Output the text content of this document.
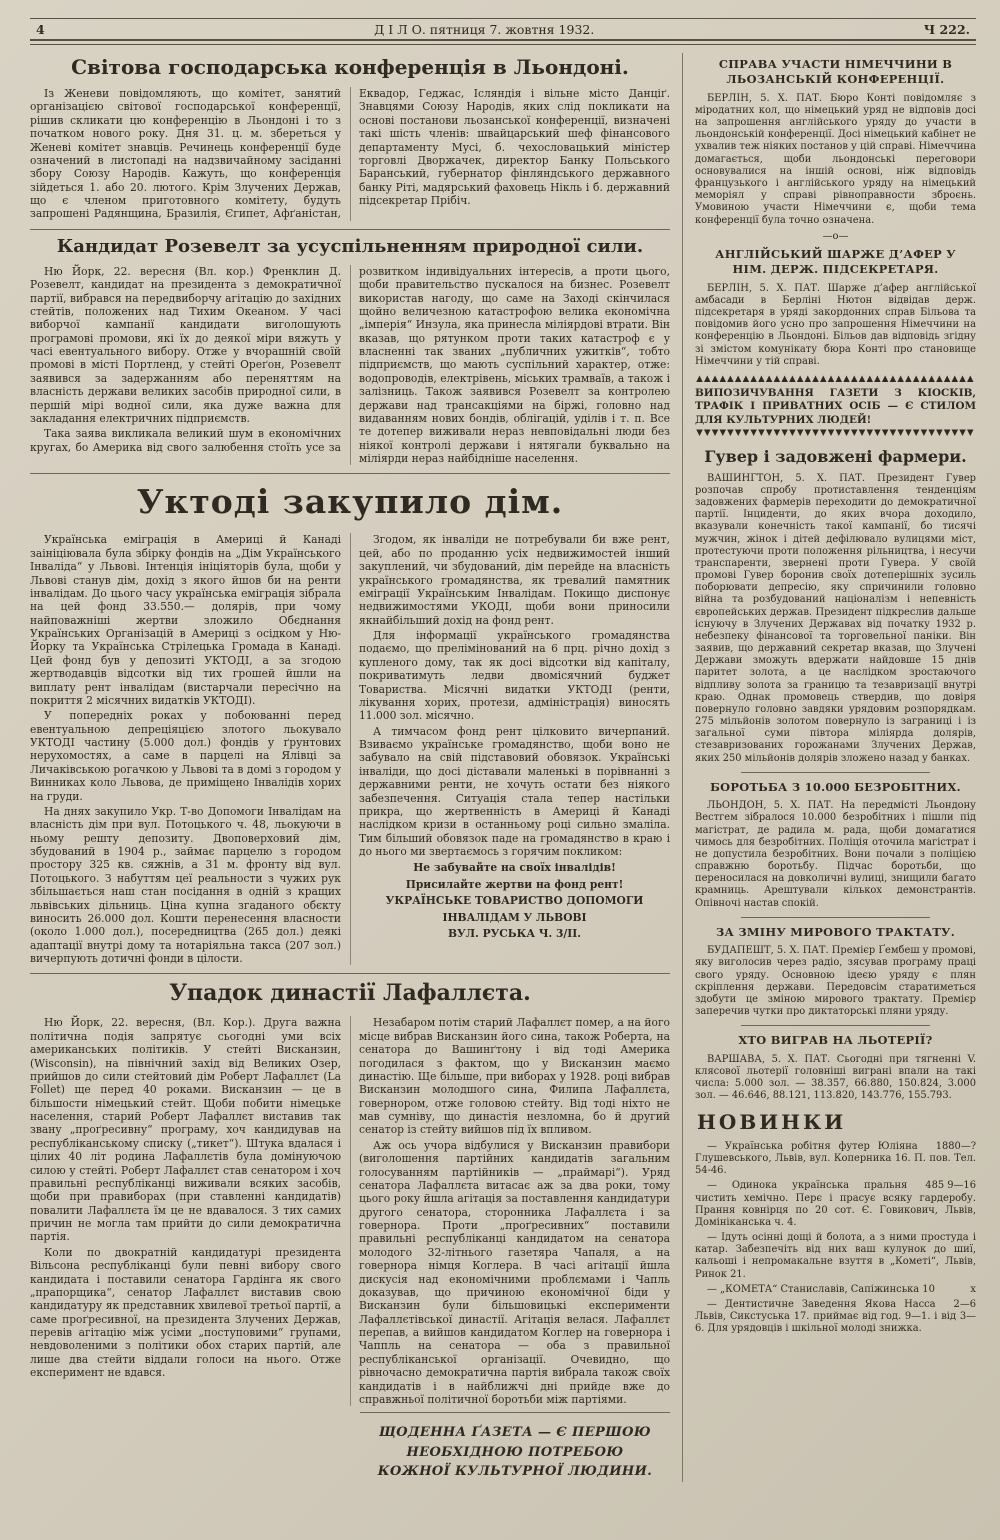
4	Д І Л О. пятниця 7. жовтня 1932.	Ч 222.
Світова господарська конференція в Льондоні.

Із Женеви повідомляють, що комітет, занятий організацією світової господарської конференції, рішив скликати цю конференцію в Льондоні і то з початком нового року. Дня 31. ц. м. збереться у Женеві комітет знавців. Речинець конференції буде означений в листопаді на надзвичайному засіданні збору Союзу Народів. Кажуть, що конференція зійдеться 1. або 20. лютого. Крім Злучених Держав, що є членом приготовного комітету, будуть запрошені Радянщина, Бразилія, Єгипет, Афґаністан, Еквадор, Геджас, Ісляндія і вільне місто Данціґ. Знавцями Союзу Народів, яких слід покликати на основі постанови льозанської конференції, визначені такі шість членів: швайцарський шеф фінансового департаменту Мусі, б. чехословацький міністер торговлі Дворжачек, директор Банку Польського Баранський, губернатор фінляндського державного банку Ріті, мадярський фаховець Нікль і б. державний підсекретар Прібіч.

Кандидат Розевелт за усуспільненням природної сили.

Ню Йорк, 22. вересня (Вл. кор.) Френклин Д. Розевелт, кандидат на президента з демократичної партії, вибрався на передвиборчу агітацію до західних стейтів, положених над Тихим Океаном. У часі виборчої кампанії кандидати виголошують програмові промови, які їх до деякої міри вяжуть у часі евентуального вибору. Отже у вчорашній своїй промові в місті Портленд, у стейті Ореґон, Розевелт заявився за задержанням або переняттям на власність держави великих засобів природної сили, в першій мірі водної сили, яка дуже важна для закладання електричних підприємств.

Така заява викликала великий шум в економічних кругах, бо Америка від свого залюбення стоїть усе за розвитком індивідуальних інтересів, а проти цього, щоби правительство пускалося на бизнес. Розевелт використав нагоду, що саме на Заході скінчилася щойно величезною катастрофою велика економічна „імперія“ Инзула, яка принесла міліярдові втрати. Він вказав, що рятунком проти таких катастроф є у власненні так званих „публичних ужитків“, тобто підприємств, що мають суспільний характер, отже: водопроводів, електрівень, міських трамваїв, а також і залізниць. Також заявився Розевелт за контролею держави над трансакціями на біржі, головно над видаванням нових бондів, облігацій, уділів і т. п. Все те дотепер виживали нераз невповідальні люди без ніякої контролі держави і нятягали буквально на міліярди нераз найбідніше населення.

Уктоді закупило дім.

Українська еміграція в Америці й Канаді заініціювала була збірку фондів на „Дім Українського Інваліда“ у Львові. Інтенція ініціяторів була, щоби у Львові станув дім, дохід з якого йшов би на ренти інвалідам. До цього часу українська еміграція зібрала на цей фонд 33.550.— долярів, при чому найповажніші жертви зложило Обєднання Українських Організацій в Америці з осідком у Ню-Йорку та Українська Стрілецька Громада в Канаді. Цей фонд був у депозиті УКТОДІ, а за згодою жертводавців відсотки від тих грошей йшли на виплату рент інвалідам (вистарчали пересічно на покриття 2 місячних видатків УКТОДІ).

У попередніх роках у побоюванні перед евентуальною депреціяцією злотого льокувало УКТОДІ частину (5.000 дол.) фондів у ґрунтових нерухомостях, а саме в парцелі на Ялівці за Личаківською рогачкою у Львові та в домі з городом у Винниках коло Львова, де приміщено Інвалідів хорих на груди.

На днях закупило Укр. Т-во Допомоги Інвалідам на власність дім при вул. Потоцького ч. 48, льокуючи в ньому решту депозиту. Двоповерховий дім, збудований в 1904 р., займає парцелю з городом простору 325 кв. сяжнів, а 31 м. фронту від вул. Потоцького. З набуттям цеї реальности з чужих рук збільшається наш стан посідання в одній з кращих львівських дільниць. Ціна купна згаданого обєкту виносить 26.000 дол. Кошти перенесення власности (около 1.000 дол.), посередництва (265 дол.) деякі адаптації внутрі дому та нотаріяльна такса (207 зол.) вичерпують дотичні фонди в цілости.

Згодом, як інваліди не потребували би вже рент, цей, або по проданню усіх недвижимостей інший закуплений, чи збудований, дім перейде на власність українського громадянства, як тревалий памятник еміграції Українським Інвалідам. Покищо диспонує недвижимостями УКОДІ, щоби вони приносили якнайбільший дохід на фонд рент.

Для інформації українського громадянства подаємо, що прелімінований на 6 прц. річно дохід з купленого дому, так як досі відсотки від капіталу, покриватимуть ледви двомісячний буджет Товариства. Місячні видатки УКТОДІ (ренти, лікування хорих, протези, адміністрація) виносять 11.000 зол. місячно.

А тимчасом фонд рент цілковито вичерпаний. Взиваємо українське громадянство, щоби воно не забувало на свій підставовий обовязок. Українські інваліди, що досі діставали маленькі в порівнанні з державними ренти, не хочуть остати без ніякого забезпечення. Ситуація стала тепер настільки прикра, що жертвенність в Америці й Канаді наслідком кризи в останньому році сильно змаліла. Тим більший обовязок паде на громадянство в краю і до нього ми звертаємось з горячим покликом:

Не забувайте на своїх інвалідів!

Присилайте жертви на фонд рент!

УКРАЇНСЬКЕ ТОВАРИСТВО ДОПОМОГИ

ІНВАЛІДАМ У ЛЬВОВІ

ВУЛ. РУСЬКА Ч. 3/ІІ.

Упадок династії Лафаллєта.

Ню Йорк, 22. вересня, (Вл. Кор.). Друга важна політична подія запрятує сьогодні уми всіх американських політиків. У стейті Висканзин, (Wisconsin), на північний захід від Великих Озер, прийшов до сили стейтовий дім Роберт Лафаллєт (La Follet) ще перед 40 роками. Висканзин — це в більшости німецький стейт. Щоби побити німецьке населення, старий Роберт Лафаллєт виставив так звану „проґресивну“ програму, хоч кандидував на республіканському списку („тикет“). Штука вдалася і цілих 40 літ родина Лафаллєтів була домінуючою силою у стейті. Роберт Лафаллєт став сенатором і хоч правильні республіканці виживали всяких засобів, щоби при правиборах (при ставленні кандидатів) повалити Лафаллєта їм це не вдавалося. З тих самих причин не могла там прийти до сили демократична партія.

Коли по двократній кандидатурі президента Вільсона республіканці були певні вибору свого кандидата і поставили сенатора Гардінга як свого „прапорщика“, сенатор Лафаллєт виставив свою кандидатуру як представник хвилевої третьої партії, а саме проґресивної, на президента Злучених Держав, перевів агітацію між усіми „поступовими“ групами, невдоволеними з політики обох старих партій, але лише два стейти віддали голоси на нього. Отже експеримент не вдався.

Незабаром потім старий Лафаллєт помер, а на його місце вибрав Висканзин його сина, також Роберта, на сенатора до Вашинґтону і від тоді Америка погодилася з фактом, що у Висканзин маємо династію. Ще більше, при виборах у 1928. році вибрав Висканзин молодшого сина, Филипа Лафаллєта, говернором, отже головою стейту. Від тоді ніхто не мав сумніву, що династія незломна, бо й другий сенатор із стейту вийшов під їх впливом.

Аж ось учора відбулися у Висканзин правибори (виголошення партійних кандидатів загальним голосуванням партійників — „праймарі“). Уряд сенатора Лафаллєта витасає аж за два роки, тому цього року йшла агітація за поставлення кандидатури другого сенатора, сторонника Лафаллєта і за говернора. Проти „проґресивних“ поставили правильні республіканці кандидатом на сенатора молодого 32-літнього газетяра Чапаля, а на говернора німця Коглера. В часі агітації йшла дискусія над економічними проблємами і Чапль доказував, що причиною економічної біди у Висканзин були більшовицькі експерименти Лафаллєтівської династії. Агітація велася. Лафаллєт перепав, а вийшов кандидатом Коглер на говернора і Чаппль на сенатора — оба з правильної республіканської організації. Очевидно, що рівночасно демократична партія вибрала також своїх кандидатів і в найближчі дні прийде вже до справжньої політичної боротьби між партіями.

ЩОДЕННА ҐАЗЕТА — Є ПЕРШОЮ НЕОБХІДНОЮ ПОТРЕБОЮ КОЖНОЇ КУЛЬТУРНОЇ ЛЮДИНИ.

СПРАВА УЧАСТИ НІМЕЧЧИНИ В ЛЬОЗАНСЬКІЙ КОНФЕРЕНЦІЇ.

БЕРЛІН, 5. X. ПАТ. Бюро Конті повідомляє з міродатних кол, що німецький уряд не відповів досі на запрошення англійського уряду до участи в льондонській конференції. Досі німецький кабінет не ухвалив теж ніяких постанов у цій справі. Німеччина домагається, щоби льондонські переговори основувалися на іншій основі, ніж відповідь французького і англійського уряду на німецький меморіял у справі рівноправности зброєнь. Умовиною участи Німеччини є, щоби тема конференції була точно означена.

—о—
АНГЛІЙСЬКИЙ ШАРЖЕ Д’АФЕР У НІМ. ДЕРЖ. ПІДСЕКРЕТАРЯ.

БЕРЛІН, 5. X. ПАТ. Шарже д’афер англійської амбасади в Берліні Нютон відвідав держ. підсекретаря в уряді закордонних справ Більова та повідомив його усно про запрошення Німеччини на конференцію в Льондоні. Більов дав відповідь згідну зі змістом комунікату бюра Конті про становище Німеччини у тій справі.

▲▲▲▲▲▲▲▲▲▲▲▲▲▲▲▲▲▲▲▲▲▲▲▲▲▲▲▲▲▲▲▲▲▲▲▲

ВИПОЗИЧУВАННЯ ГАЗЕТИ З КІОСКІВ, ТРАФІК І ПРИВАТНИХ ОСІБ — Є СТИЛОМ ДЛЯ КУЛЬТУРНИХ ЛЮДЕЙ!

▼▼▼▼▼▼▼▼▼▼▼▼▼▼▼▼▼▼▼▼▼▼▼▼▼▼▼▼▼▼▼▼▼▼▼▼
Гувер і задовжені фармери.

ВАШИНГТОН, 5. X. ПАТ. Президент Гувер розпочав спробу протиставлення тенденціям задовжених фармерів переходити до демократичної партії. Інциденти, до яких вчора доходило, вказували конечність такої кампанії, бо тисячі мужчин, жінок і дітей дефілювало вулицями міст, протестуючи проти положення рільництва, і несучи транспаренти, звернені проти Гувера. У своїй промові Гувер боронив своїх дотеперішніх зусиль поборювати депресію, яку спричинили головно війна та розбудований націоналізм і непевність європейських держав. Президент підкреслив дальше існуючу в Злучених Державах від початку 1932 р. небезпеку фінансової та торговельної паніки. Він заявив, що державний секретар вказав, що Злучені Держави зможуть вдержати найдовше 15 днів паритет золота, а це наслідком зростаючого відпливу золота за границю та тезавризації внутрі краю. Однак промовець ствердив, що довіря повернуло головно завдяки урядовим розпорядкам. 275 мільйонів золотом повернуло із заграниці і із загальної суми півтора міліярда долярів, стезавризованих горожанами Злучених Держав, яких 250 мільйонів долярів зложено назад у банках.

БОРОТЬБА З 10.000 БЕЗРОБІТНИХ.

ЛЬОНДОН, 5. X. ПАТ. На передмісті Льондону Вестгем зібралося 10.000 безробітних і пішли під магістрат, де радила м. рада, щоби домагатися чимось для безробітних. Поліція оточила магістрат і не допустила безробітних. Вони почали з поліцією справжню боротьбу. Підчас боротьби, що переносилася на довколичні вулиці, знищили багато крамниць. Арештували кількох демонстрантів. Опівночі настав спокій.

ЗА ЗМІНУ МИРОВОГО ТРАКТАТУ.

БУДАПЕШТ, 5. X. ПАТ. Премієр Ґембеш у промові, яку виголосив через радіо, зясував програму праці свого уряду. Основною ідеєю уряду є плян скріплення держави. Передовсім старатиметься здобути це зміною мирового трактату. Премієр заперечив чутки про диктаторські пляни уряду.

ХТО ВИГРАВ НА ЛЬОТЕРІЇ?

ВАРШАВА, 5. X. ПАТ. Сьогодні при тягненні V. клясової льотерії головніші виграні впали на такі числа: 5.000 зол. — 38.357, 66.880, 150.824, 3.000 зол. — 46.646, 88.121, 113.820, 143.776, 155.793.

НОВИНКИ

1880—?
— Українська робітня футер Юліяна Глушевського, Львів, вул. Коперника 16. П. пов. Тел. 54-46.

485 9—16
— Одинока українська пральня чистить хемічно. Перє і прасує всяку гардеробу. Прання ковнірця по 20 сот. Є. Говикович, Львів, Домініканська ч. 4.

— Ідуть осінні дощі й болота, а з ними простуда і катар. Забезпечіть від них ваш кулунок до шиї, кальоші і непромакальне взуття в „Кометі“, Львів, Ринок 21.

х
— „КОМЕТА“ Станиславів, Сапіжинська 10

2—6
— Дентистичне Заведення Якова Насса Львів, Сикстуська 17. приймає від год. 9—1. і від 3—6. Для урядовців і шкільної молоді знижка.
